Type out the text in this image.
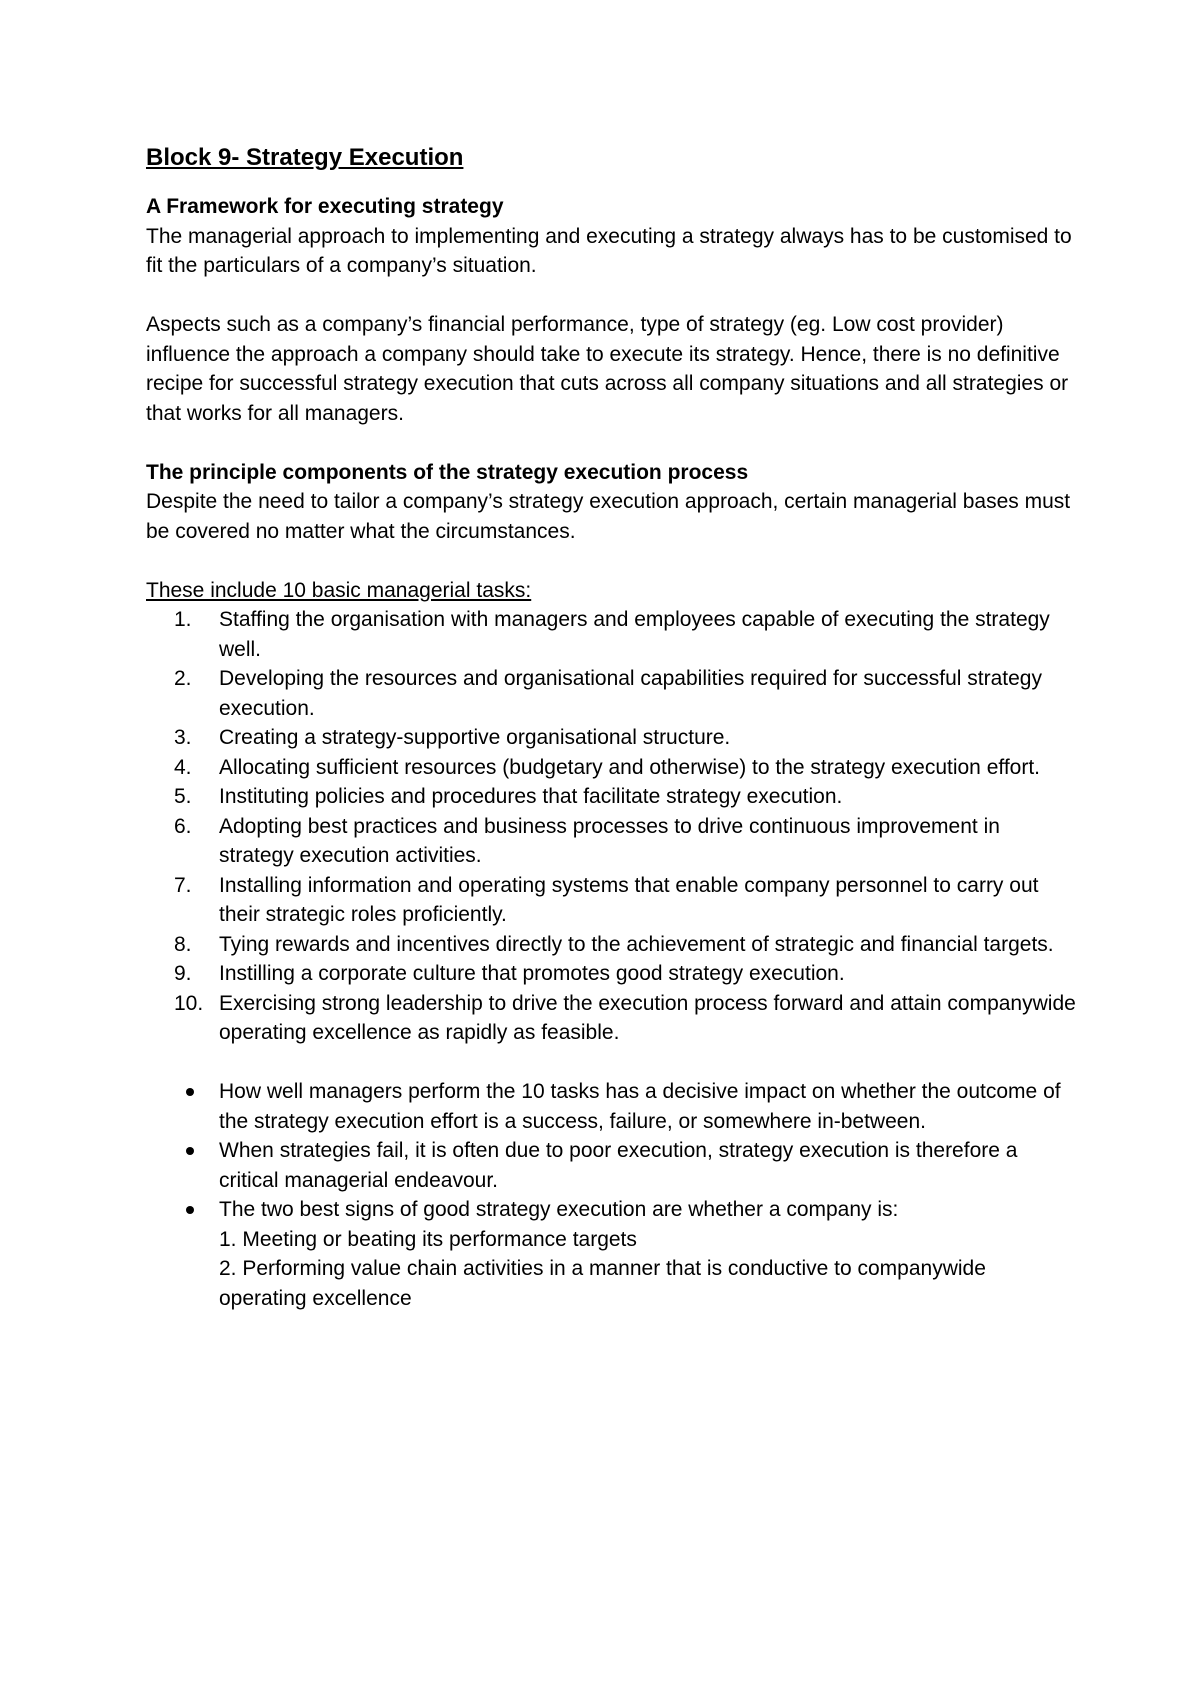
Block 9- Strategy Execution

A Framework for executing strategy

The managerial approach to implementing and executing a strategy always has to be customised to fit the particulars of a company’s situation.

Aspects such as a company’s financial performance, type of strategy (eg. Low cost provider) influence the approach a company should take to execute its strategy. Hence, there is no definitive recipe for successful strategy execution that cuts across all company situations and all strategies or that works for all managers.

The principle components of the strategy execution process

Despite the need to tailor a company’s strategy execution approach, certain managerial bases must be covered no matter what the circumstances.

These include 10 basic managerial tasks:

1.	Staffing the organisation with managers and employees capable of executing the strategy well.
2.	Developing the resources and organisational capabilities required for successful strategy execution.
3.	Creating a strategy-supportive organisational structure.
4.	Allocating sufficient resources (budgetary and otherwise) to the strategy execution effort.
5.	Instituting policies and procedures that facilitate strategy execution.
6.	Adopting best practices and business processes to drive continuous improvement in strategy execution activities.
7.	Installing information and operating systems that enable company personnel to carry out their strategic roles proficiently.
8.	Tying rewards and incentives directly to the achievement of strategic and financial targets.
9.	Instilling a corporate culture that promotes good strategy execution.
10. Exercising strong leadership to drive the execution process forward and attain companywide operating excellence as rapidly as feasible.
How well managers perform the 10 tasks has a decisive impact on whether the outcome of the strategy execution effort is a success, failure, or somewhere in-between.
When strategies fail, it is often due to poor execution, strategy execution is therefore a critical managerial endeavour.
The two best signs of good strategy execution are whether a company is:
1. Meeting or beating its performance targets
2. Performing value chain activities in a manner that is conductive to companywide operating excellence
